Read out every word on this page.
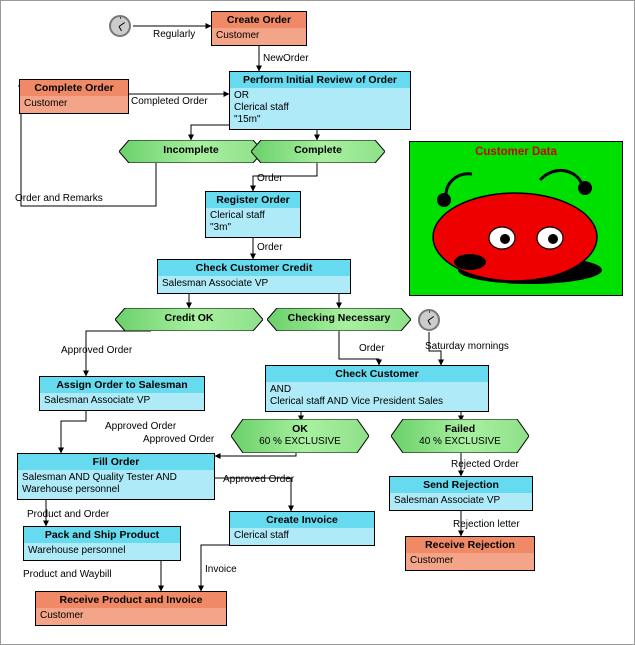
Customer Data
Create Order
Customer
Complete Order
Customer
Perform Initial Review of Order
OR
Clerical staff
"15m"
Register Order
Clerical staff
"3m"
Check Customer Credit
Salesman Associate VP
Assign Order to Salesman
Salesman Associate VP
Fill Order
Salesman AND Quality Tester AND
Warehouse personnel
Pack and Ship Product
Warehouse personnel
Receive Product and Invoice
Customer
Create Invoice
Clerical staff
Check Customer
AND
Clerical staff AND Vice President Sales
Send Rejection
Salesman Associate VP
Receive Rejection
Customer
Incomplete	Complete
Credit OK	Checking Necessary
OK
60 % EXCLUSIVE
Failed
40 % EXCLUSIVE
Regularly
NewOrder
Completed Order
Order and Remarks
Order
Order
Order
Approved Order
Approved Order
Approved Order
Approved Order
Product and Order
Product and Waybill	Invoice
Saturday mornings
Rejected Order
Rejection letter
